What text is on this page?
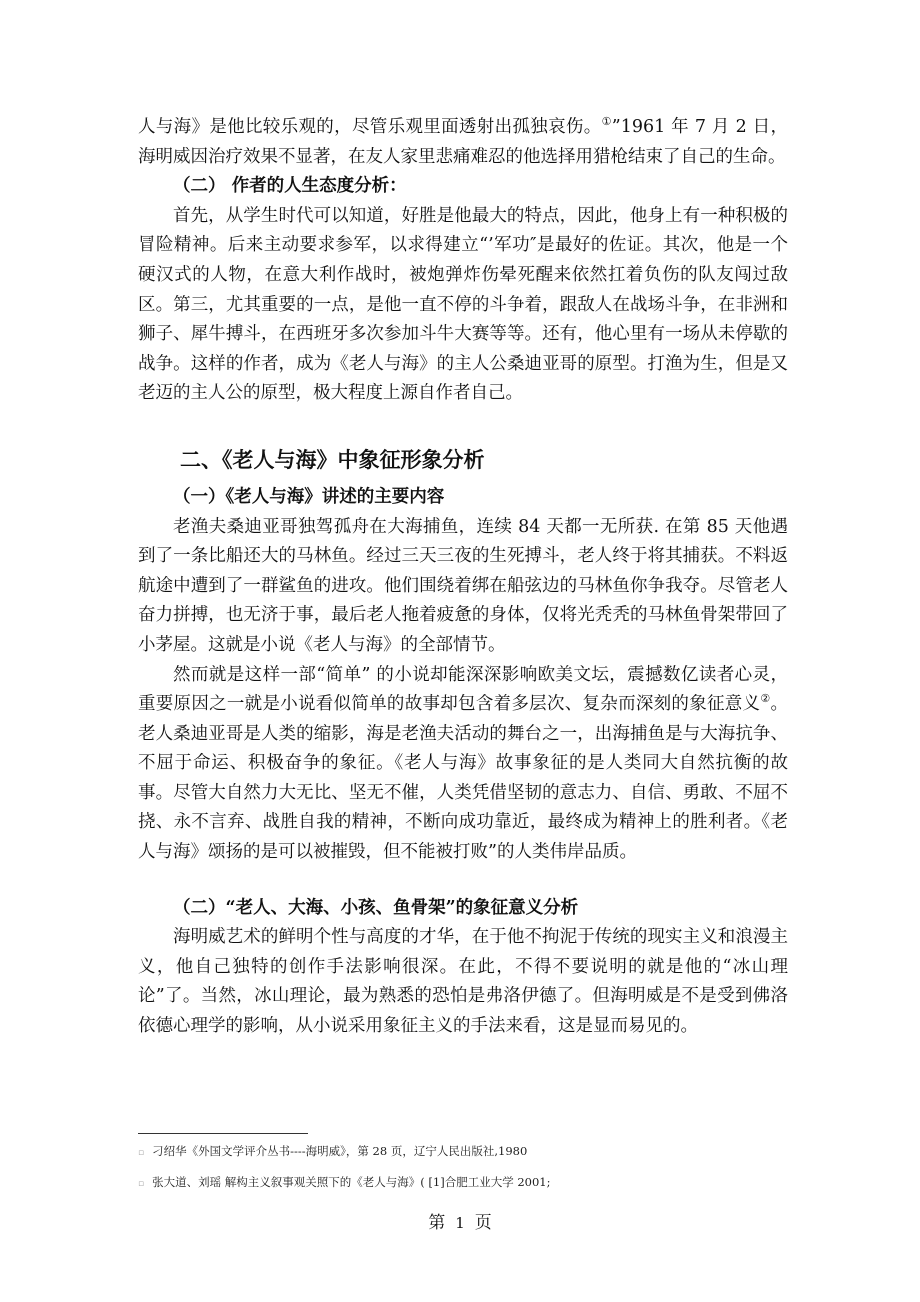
人与海》是他比较乐观的，尽管乐观里面透射出孤独哀伤。①”1961 年 7 月 2 日，海明威因治疗效果不显著，在友人家里悲痛难忍的他选择用猎枪结束了自己的生命。

（二） 作者的人生态度分析：

首先，从学生时代可以知道，好胜是他最大的特点，因此，他身上有一种积极的冒险精神。后来主动要求参军，以求得建立“’军功″是最好的佐证。其次，他是一个硬汉式的人物，在意大利作战时，被炮弹炸伤晕死醒来依然扛着负伤的队友闯过敌区。第三，尤其重要的一点，是他一直不停的斗争着，跟敌人在战场斗争，在非洲和狮子、犀牛搏斗，在西班牙多次参加斗牛大赛等等。还有，他心里有一场从未停歇的战争。这样的作者，成为《老人与海》的主人公桑迪亚哥的原型。打渔为生，但是又老迈的主人公的原型，极大程度上源自作者自己。

二、《老人与海》中象征形象分析

（一）《老人与海》讲述的主要内容

老渔夫桑迪亚哥独驾孤舟在大海捕鱼，连续 84 天都一无所获. 在第 85 天他遇到了一条比船还大的马林鱼。经过三天三夜的生死搏斗，老人终于将其捕获。不料返航途中遭到了一群鲨鱼的进攻。他们围绕着绑在船弦边的马林鱼你争我夺。尽管老人奋力拼搏，也无济于事，最后老人拖着疲惫的身体，仅将光秃秃的马林鱼骨架带回了小茅屋。这就是小说《老人与海》的全部情节。

然而就是这样一部“简单” 的小说却能深深影响欧美文坛，震撼数亿读者心灵，重要原因之一就是小说看似简单的故事却包含着多层次、复杂而深刻的象征意义②。老人桑迪亚哥是人类的缩影，海是老渔夫活动的舞台之一，出海捕鱼是与大海抗争、不屈于命运、积极奋争的象征。《老人与海》故事象征的是人类同大自然抗衡的故事。尽管大自然力大无比、坚无不催，人类凭借坚韧的意志力、自信、勇敢、不屈不挠、永不言弃、战胜自我的精神，不断向成功靠近，最终成为精神上的胜利者。《老人与海》颂扬的是可以被摧毁，但不能被打败”的人类伟岸品质。

（二）“老人、大海、小孩、鱼骨架”的象征意义分析

海明威艺术的鲜明个性与高度的才华，在于他不拘泥于传统的现实主义和浪漫主义，他自己独特的创作手法影响很深。在此，不得不要说明的就是他的“冰山理论”了。当然，冰山理论，最为熟悉的恐怕是弗洛伊德了。但海明威是不是受到佛洛依德心理学的影响，从小说采用象征主义的手法来看，这是显而易见的。

▫ 刁绍华《外国文学评介丛书----海明威》，第 28 页，辽宁人民出版社,1980

▫ 张大道、刘瑶 解构主义叙事观关照下的《老人与海》( [1]合肥工业大学 2001;

第 1 页
